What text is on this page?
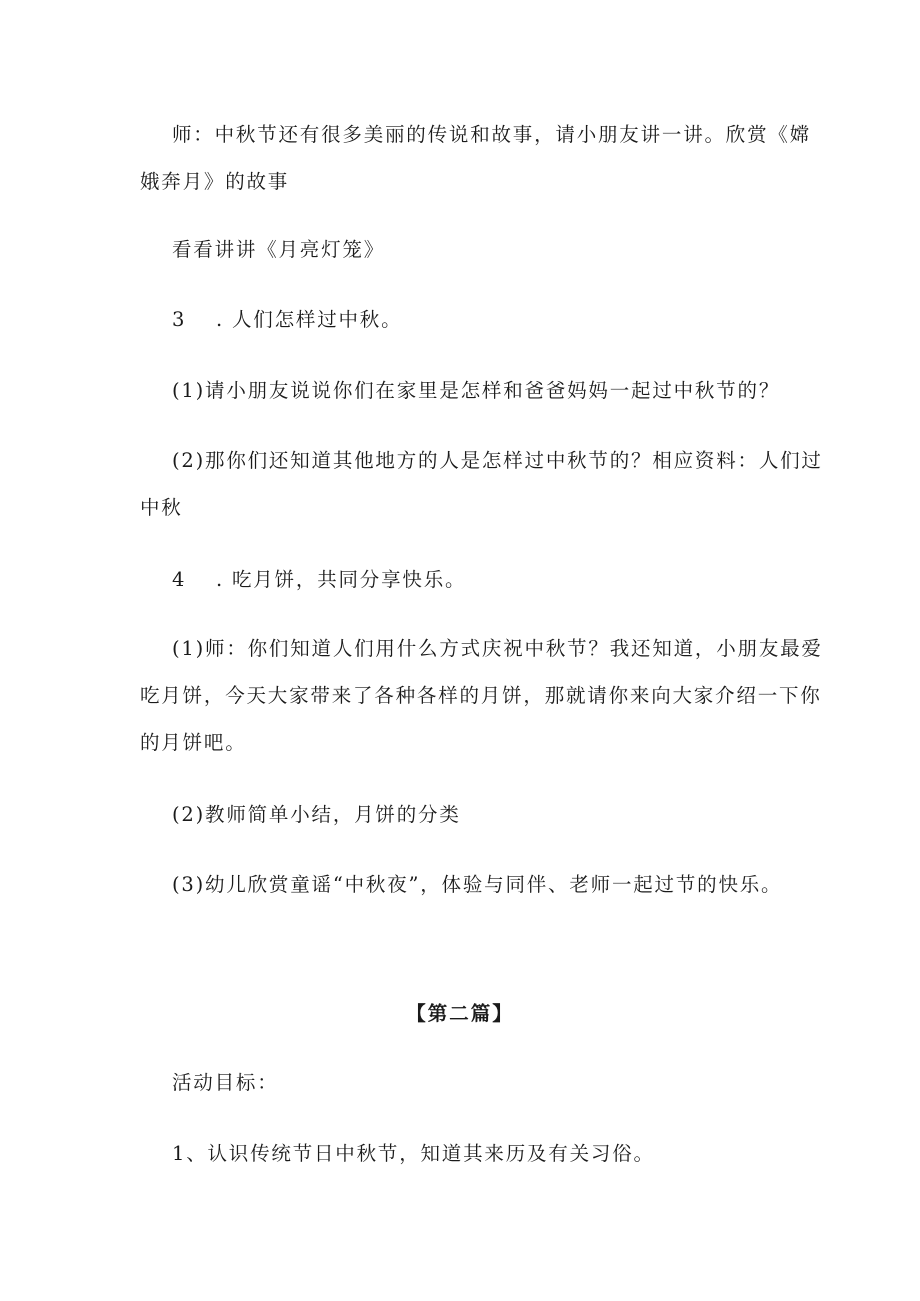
师：中秋节还有很多美丽的传说和故事，请小朋友讲一讲。欣赏《嫦

娥奔月》的故事

看看讲讲《月亮灯笼》

3 . 人们怎样过中秋。

(1)请小朋友说说你们在家里是怎样和爸爸妈妈一起过中秋节的？

(2)那你们还知道其他地方的人是怎样过中秋节的？相应资料：人们过

中秋

4 . 吃月饼，共同分享快乐。

(1)师：你们知道人们用什么方式庆祝中秋节？我还知道，小朋友最爱

吃月饼，今天大家带来了各种各样的月饼，那就请你来向大家介绍一下你

的月饼吧。

(2)教师简单小结，月饼的分类

(3)幼儿欣赏童谣“中秋夜”，体验与同伴、老师一起过节的快乐。

【第二篇】

活动目标：

1、认识传统节日中秋节，知道其来历及有关习俗。
